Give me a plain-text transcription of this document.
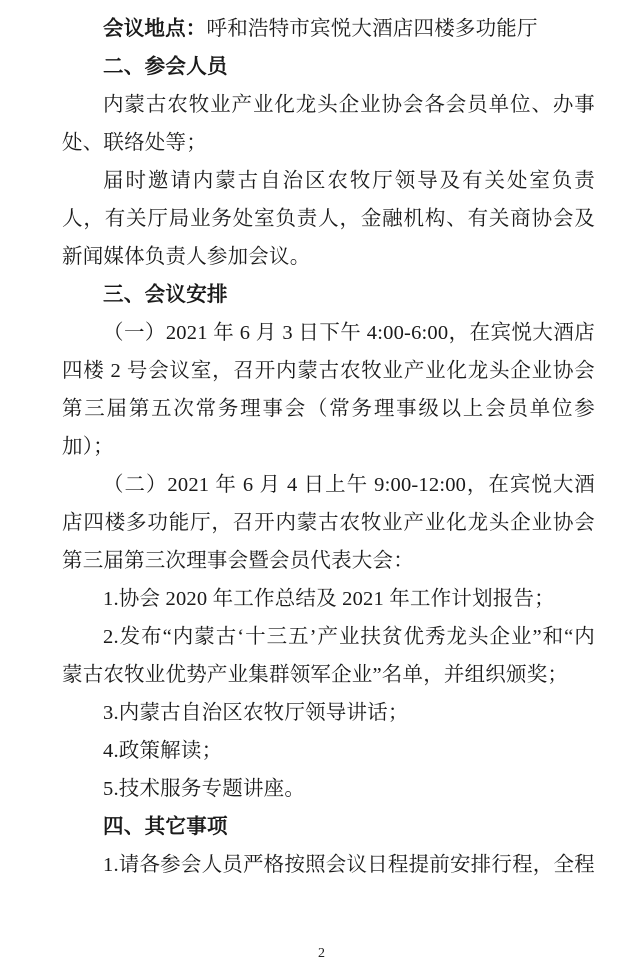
会议地点：呼和浩特市宾悦大酒店四楼多功能厅

二、参会人员

内蒙古农牧业产业化龙头企业协会各会员单位、办事处、联络处等；

届时邀请内蒙古自治区农牧厅领导及有关处室负责人，有关厅局业务处室负责人，金融机构、有关商协会及新闻媒体负责人参加会议。

三、会议安排

（一）2021 年 6 月 3 日下午 4:00-6:00，在宾悦大酒店四楼 2 号会议室，召开内蒙古农牧业产业化龙头企业协会第三届第五次常务理事会（常务理事级以上会员单位参加）；

（二）2021 年 6 月 4 日上午 9:00-12:00，在宾悦大酒店四楼多功能厅，召开内蒙古农牧业产业化龙头企业协会第三届第三次理事会暨会员代表大会：

1.协会 2020 年工作总结及 2021 年工作计划报告；

2.发布“内蒙古‘十三五’产业扶贫优秀龙头企业”和“内蒙古农牧业优势产业集群领军企业”名单，并组织颁奖；

3.内蒙古自治区农牧厅领导讲话；

4.政策解读；

5.技术服务专题讲座。

四、其它事项

1.请各参会人员严格按照会议日程提前安排行程，全程

2
